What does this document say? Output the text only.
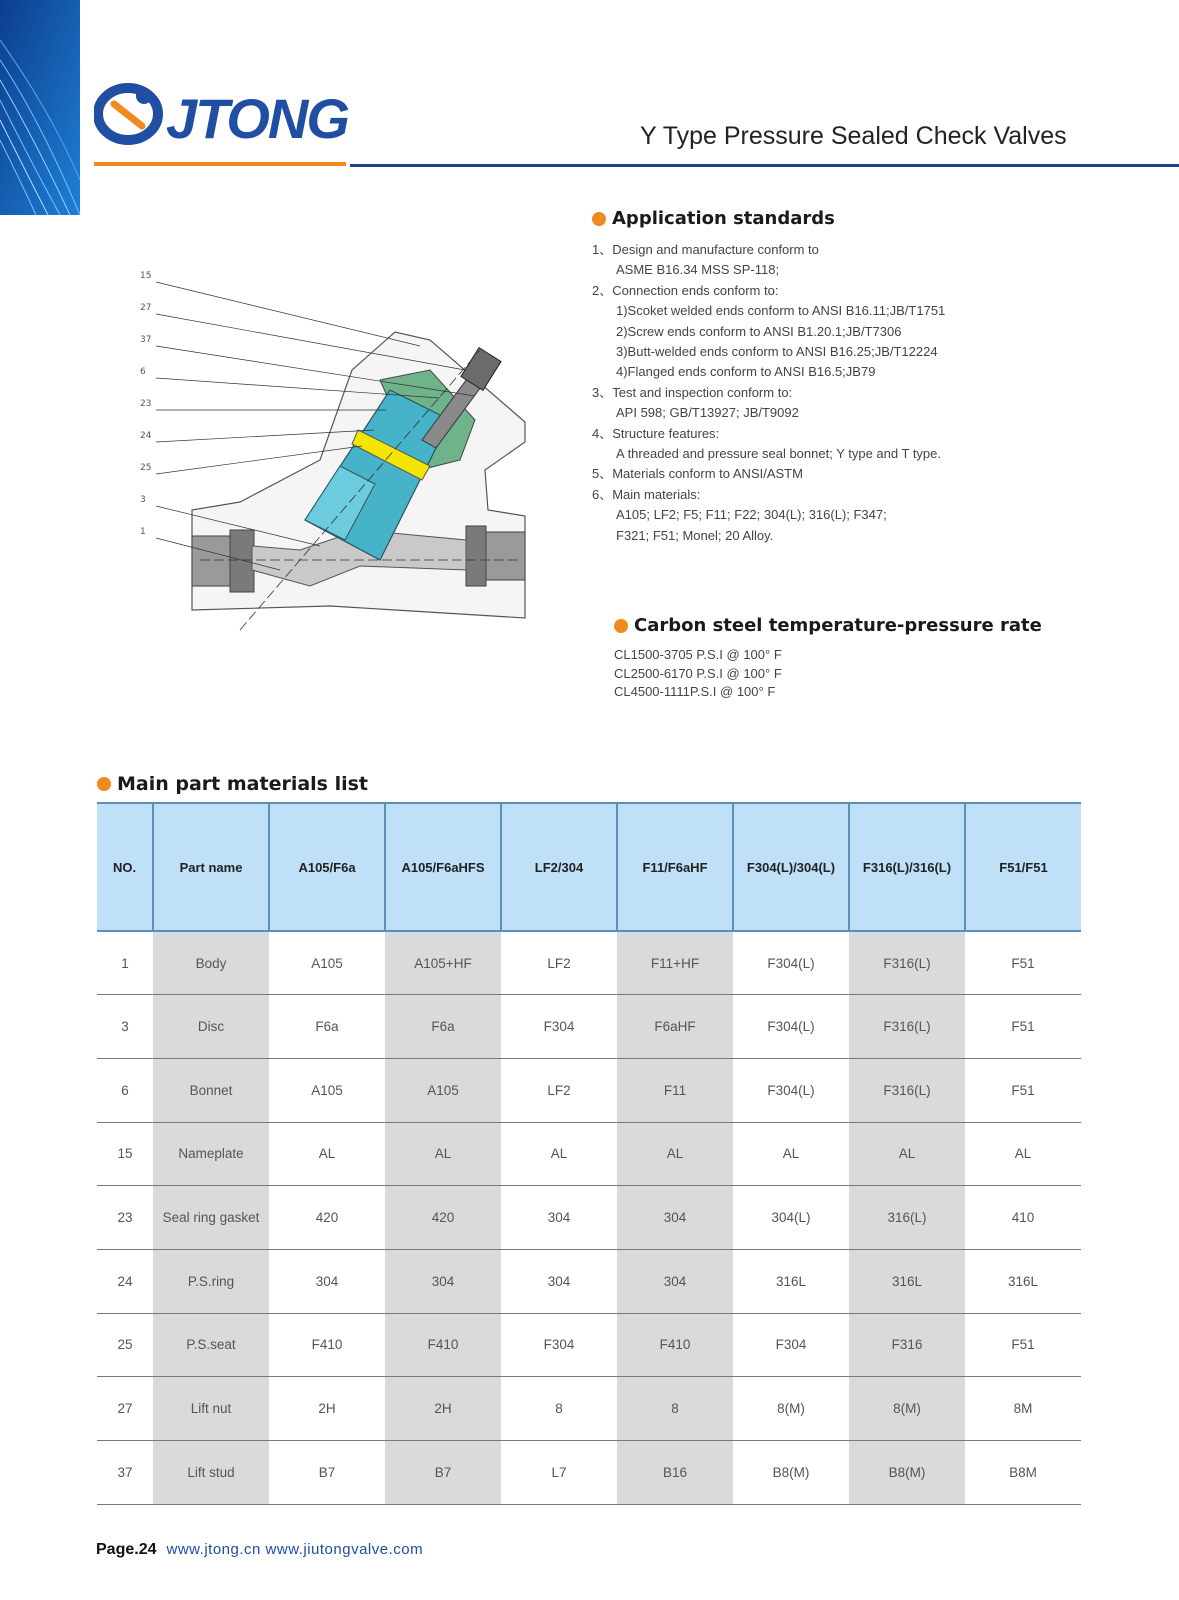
JTONG	Y Type Pressure Sealed Check Valves
Application standards
1、Design and manufacture conform to
ASME B16.34 MSS SP-118;
2、Connection ends conform to:
1)Scoket welded ends conform to ANSI B16.11;JB/T1751
2)Screw ends conform to ANSI B1.20.1;JB/T7306
3)Butt-welded ends conform to ANSI B16.25;JB/T12224
4)Flanged ends conform to ANSI B16.5;JB79
3、Test and inspection conform to:
API 598; GB/T13927; JB/T9092
4、Structure features:
A threaded and pressure seal bonnet; Y type and T type.
5、Materials conform to ANSI/ASTM
6、Main materials:
A105; LF2; F5; F11; F22; 304(L); 316(L); F347;
F321; F51; Monel; 20 Alloy.
Carbon steel temperature-pressure rate
CL1500-3705 P.S.I @ 100° F
CL2500-6170 P.S.I @ 100° F
CL4500-1111P.S.I @ 100° F
15
27
37
6
23
24
25
3
1
Main part materials list
NO.	Part name	A105/F6a	A105/F6aHFS	LF2/304	F11/F6aHF	F304(L)/304(L)	F316(L)/316(L)	F51/F51
1	Body	A105	A105+HF	LF2	F11+HF	F304(L)	F316(L)	F51
3	Disc	F6a	F6a	F304	F6aHF	F304(L)	F316(L)	F51
6	Bonnet	A105	A105	LF2	F11	F304(L)	F316(L)	F51
15	Nameplate	AL	AL	AL	AL	AL	AL	AL
23	Seal ring gasket	420	420	304	304	304(L)	316(L)	410
24	P.S.ring	304	304	304	304	316L	316L	316L
25	P.S.seat	F410	F410	F304	F410	F304	F316	F51
27	Lift nut	2H	2H	8	8	8(M)	8(M)	8M
37	Lift stud	B7	B7	L7	B16	B8(M)	B8(M)	B8M
Page.24 www.jtong.cn www.jiutongvalve.com
